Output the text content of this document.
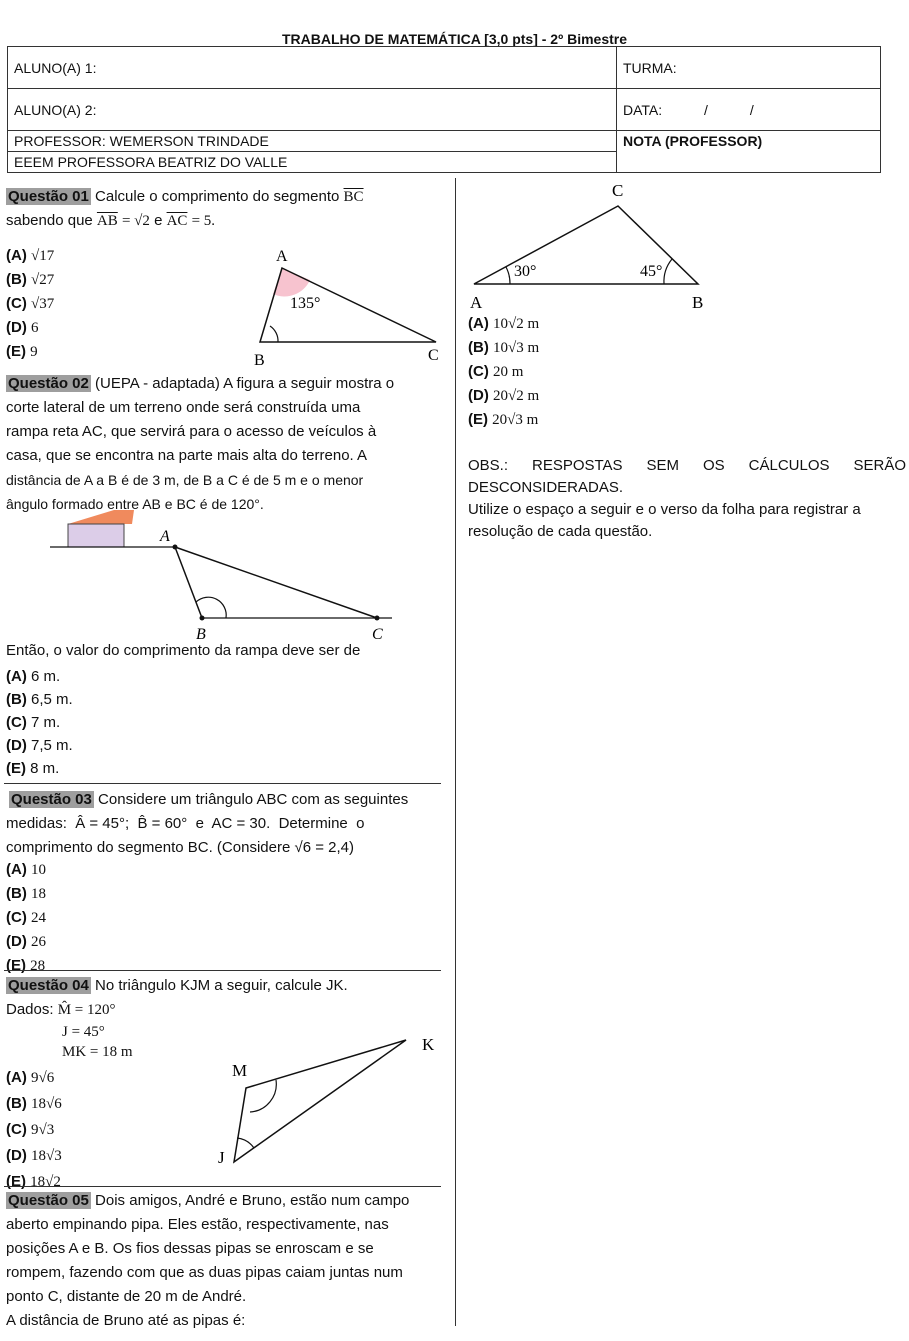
TRABALHO DE MATEMÁTICA [3,0 pts] - 2º Bimestre
ALUNO(A) 1:	TURMA:
ALUNO(A) 2:	DATA: / /
PROFESSOR: WEMERSON TRINDADE	NOTA (PROFESSOR)
EEEM PROFESSORA BEATRIZ DO VALLE	
Questão 01 Calcule o comprimento do segmento $\overline{BC}$
sabendo que $\overline{AB} = √2$ e $\overline{AC} = 5$.
(A) √17
(B) √27
(C) √37
(D) 6
(E) 9
A
B	C
135°
C
A	B
30°	45°
(A) 10√2 m
(B) 10√3 m
(C) 20 m
(D) 20√2 m
(E) 20√3 m
OBS.: RESPOSTAS SEM OS CÁLCULOS SERÃO
DESCONSIDERADAS.
Utilize o espaço a seguir e o verso da folha para registrar a
resolução de cada questão.
Questão 02 (UEPA - adaptada) A figura a seguir mostra o
corte lateral de um terreno onde será construída uma
rampa reta AC, que servirá para o acesso de veículos à
casa, que se encontra na parte mais alta do terreno. A
distância de A a B é de 3 m, de B a C é de 5 m e o menor
ângulo formado entre AB e BC é de 120°.
A
B	C
Então, o valor do comprimento da rampa deve ser de
(A) 6 m.
(B) 6,5 m.
(C) 7 m.
(D) 7,5 m.
(E) 8 m.
Questão 03 Considere um triângulo ABC com as seguintes
medidas:  Â = 45°;  B̂ = 60°  e  AC = 30.  Determine  o
comprimento do segmento BC. (Considere √6 = 2,4)
(A) 10
(B) 18
(C) 24
(D) 26
(E) 28
Questão 04 No triângulo KJM a seguir, calcule JK.
Dados: M̂ = 120°
J = 45°
MK = 18 m
(A) 9√6
(B) 18√6
(C) 9√3
(D) 18√3
(E) 18√2
K
M
J
Questão 05 Dois amigos, André e Bruno, estão num campo
aberto empinando pipa. Eles estão, respectivamente, nas
posições A e B. Os fios dessas pipas se enroscam e se
rompem, fazendo com que as duas pipas caiam juntas num
ponto C, distante de 20 m de André.
A distância de Bruno até as pipas é:
